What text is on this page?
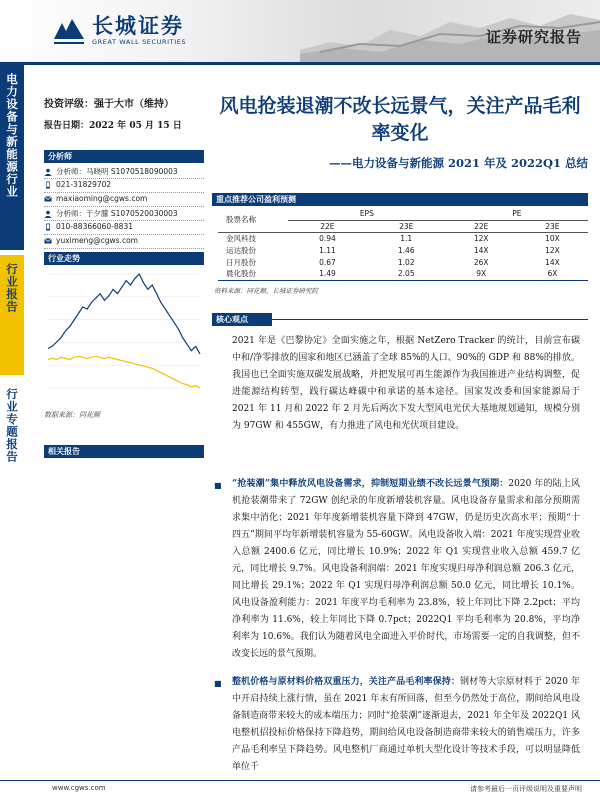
长城证券
GREAT WALL SECURITIES	证券研究报告
电力设备与新能源行业
行业报告
行业专题报告
投资评级：强于大市（维持）
报告日期：2022 年 05 月 15 日
分析师
分析师：马晓明 S1070518090003
021-31829702
maxiaoming@cgws.com
分析师：于夕朦 S1070520030003
010-88366060-8831
yuximeng@cgws.com
行业走势
数据来源：同花顺
相关报告
风电抢装退潮不改长远景气，关注产品毛利率变化
——电力设备与新能源 2021 年及 2022Q1 总结
重点推荐公司盈利预测
股票名称	EPS		PE	
	22E	23E	22E	23E
金风科技	0.94	1.1	12X	10X
运达股份	1.11	1.46	14X	12X
日月股份	0.67	1.02	26X	14X
晨化股份	1.49	2.05	9X	6X
资料来源：同花顺，长城证券研究院
核心观点
2021 年是《巴黎协定》全面实施之年，根据 NetZero Tracker 的统计，目前宣布碳中和/净零排放的国家和地区已涵盖了全球 85%的人口、90%的 GDP 和 88%的排放。我国也已全面实施双碳发展战略，并把发展可再生能源作为我国推进产业结构调整，促进能源结构转型，践行碳达峰碳中和承诺的基本途径。国家发改委和国家能源局于 2021 年 11 月和 2022 年 2 月先后两次下发大型风电光伏大基地规划通知，规模分别为 97GW 和 455GW，有力推进了风电和光伏项目建设。
■ “抢装潮”集中释放风电设备需求，抑制短期业绩不改长远景气预期：2020 年的陆上风机抢装潮带来了 72GW 创纪录的年度新增装机容量。风电设备存量需求和部分预期需求集中消化；2021 年年度新增装机容量下降到 47GW，仍是历史次高水平；预期“十四五”期间平均年新增装机容量为 55-60GW。风电设备收入端：2021 年度实现营业收入总额 2400.6 亿元，同比增长 10.9%；2022 年 Q1 实现营业收入总额 459.7 亿元，同比增长 9.7%。风电设备利润端：2021 年度实现归母净利润总额 206.3 亿元，同比增长 29.1%；2022 年 Q1 实现归母净利润总额 50.0 亿元，同比增长 10.1%。风电设备盈利能力：2021 年度平均毛利率为 23.8%，较上年同比下降 2.2pct；平均净利率为 11.6%，较上年同比下降 0.7pct；2022Q1 平均毛利率为 20.8%，平均净利率为 10.6%。我们认为随着风电全面进入平价时代，市场需要一定的自我调整，但不改变长远的景气预期。
■ 整机价格与原材料价格双重压力，关注产品毛利率保持：钢材等大宗原材料于 2020 年中开启持续上涨行情，虽在 2021 年末有所回落，但至今仍然处于高位，期间给风电设备制造商带来较大的成本端压力；同时“抢装潮”逐渐退去，2021 年全年及 2022Q1 风电整机招投标价格保持下降趋势，期间给风电设备制造商带来较大的销售端压力，许多产品毛利率呈下降趋势。风电整机厂商通过单机大型化设计等技术手段，可以明显降低单位千
www.cgws.com	请参考最后一页评级说明及重要声明
